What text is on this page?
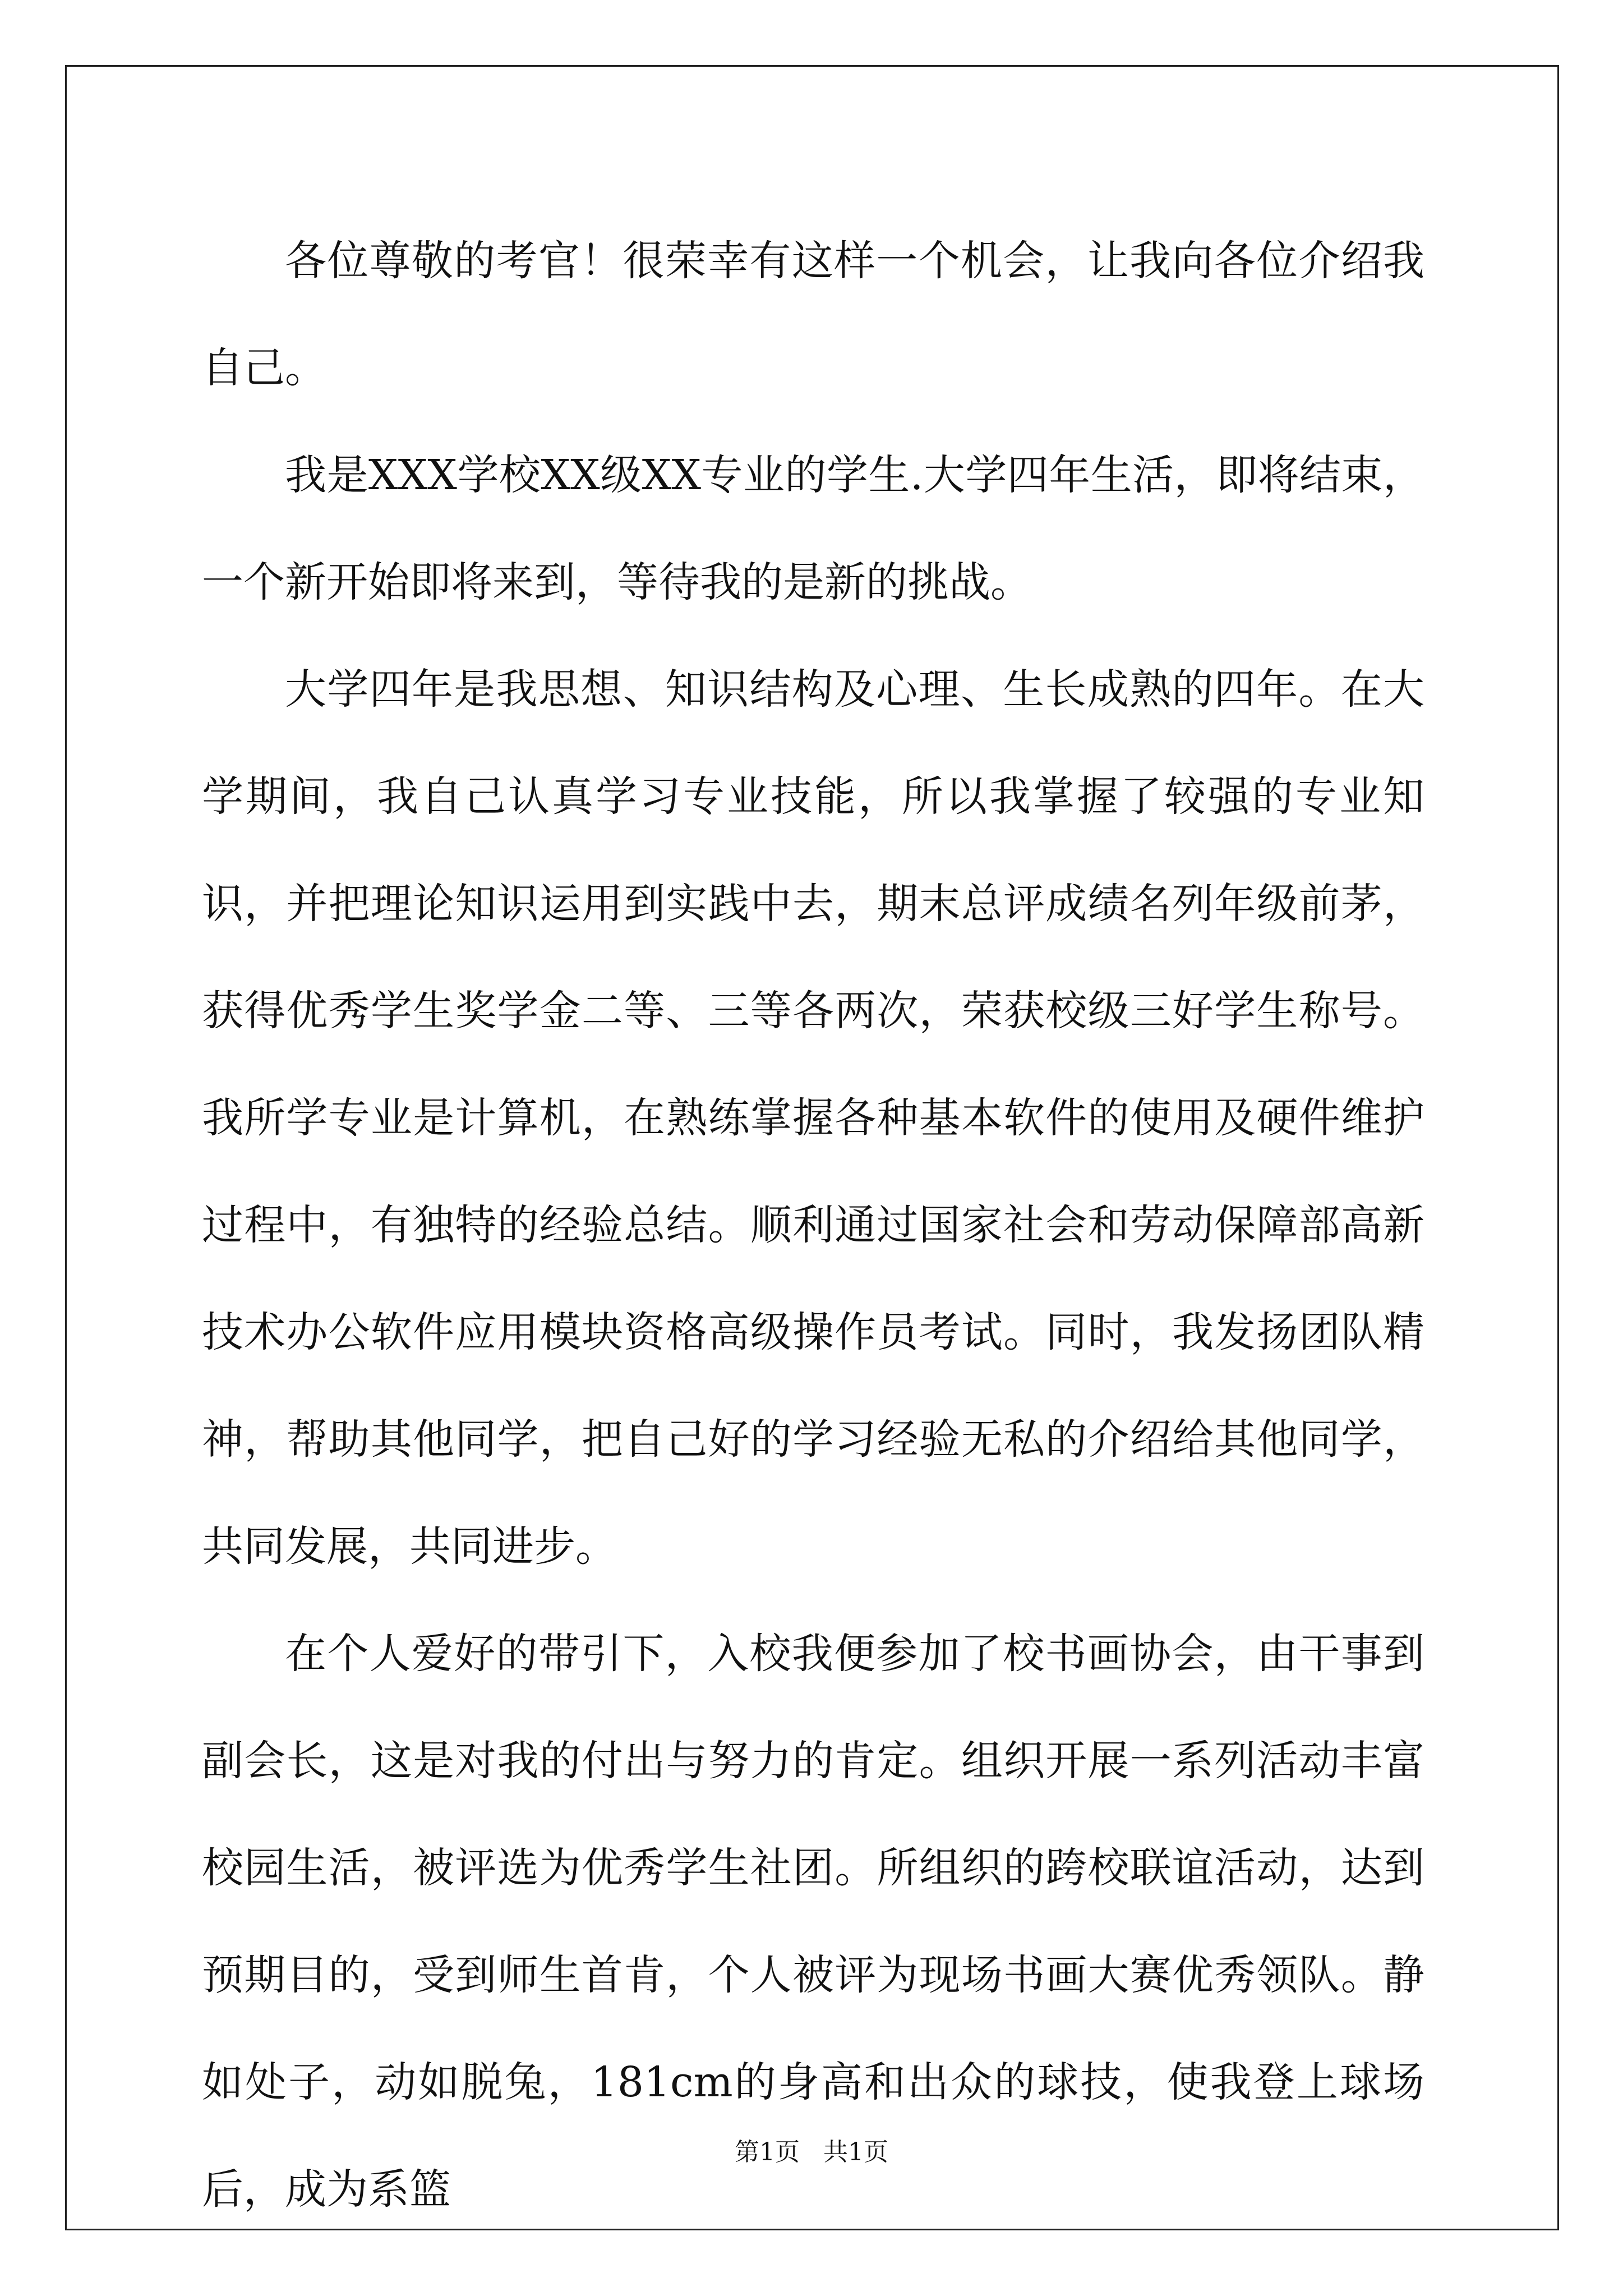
各位尊敬的考官！很荣幸有这样一个机会，让我向各位介绍我自己。

我是XXX学校XX级XX专业的学生.大学四年生活，即将结束，一个新开始即将来到，等待我的是新的挑战。

大学四年是我思想、知识结构及心理、生长成熟的四年。在大学期间，我自己认真学习专业技能，所以我掌握了较强的专业知识，并把理论知识运用到实践中去，期末总评成绩名列年级前茅，获得优秀学生奖学金二等、三等各两次，荣获校级三好学生称号。我所学专业是计算机，在熟练掌握各种基本软件的使用及硬件维护过程中，有独特的经验总结。顺利通过国家社会和劳动保障部高新技术办公软件应用模块资格高级操作员考试。同时，我发扬团队精神，帮助其他同学，把自己好的学习经验无私的介绍给其他同学，共同发展，共同进步。

在个人爱好的带引下，入校我便参加了校书画协会，由干事到副会长，这是对我的付出与努力的肯定。组织开展一系列活动丰富校园生活，被评选为优秀学生社团。所组织的跨校联谊活动，达到预期目的，受到师生首肯，个人被评为现场书画大赛优秀领队。静如处子，动如脱兔，181cm的身高和出众的球技，使我登上球场后，成为系篮

第1页 共1页
